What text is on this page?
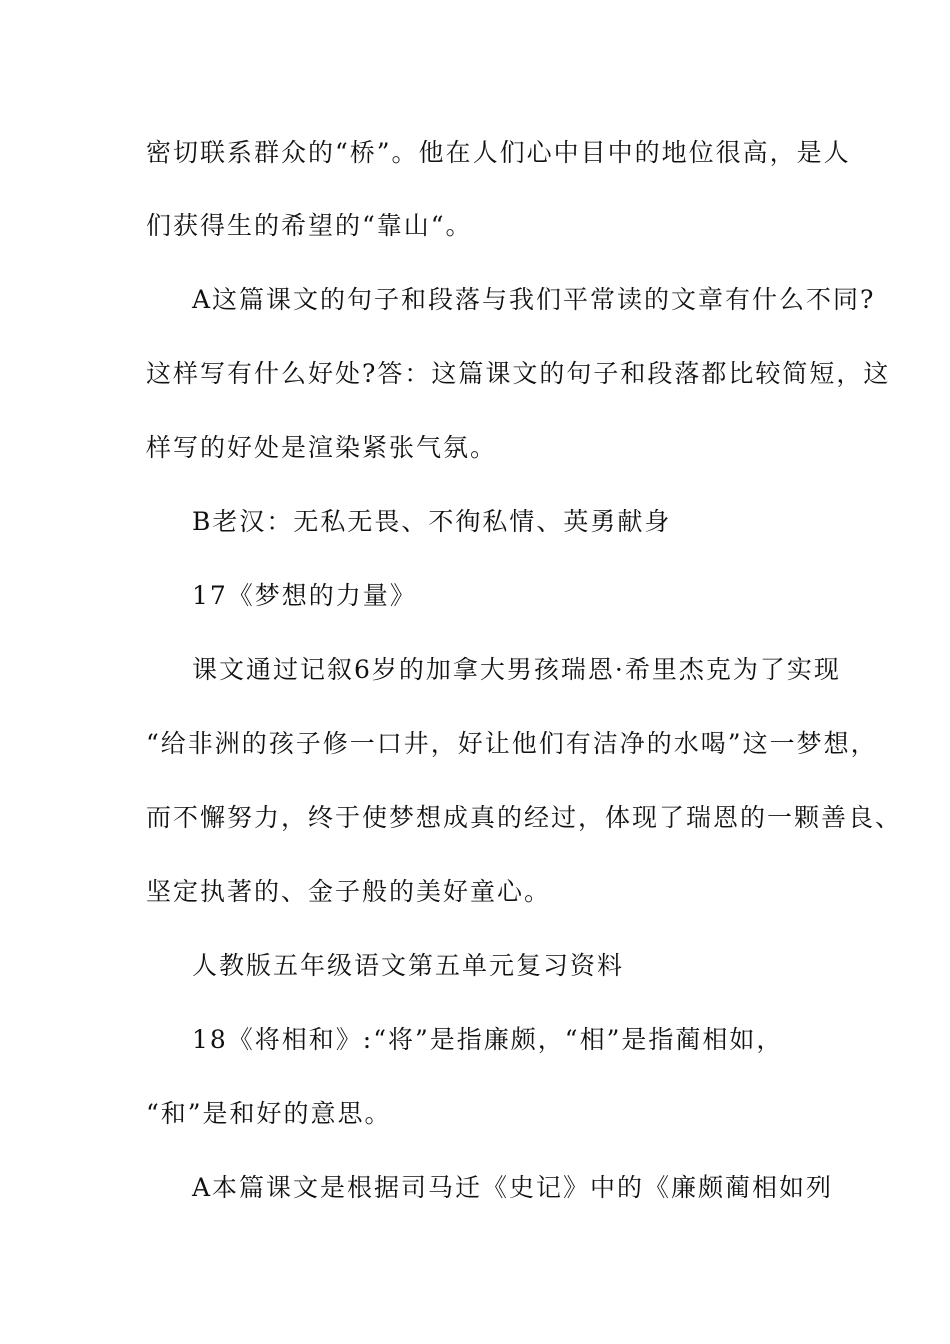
密切联系群众的“桥”。他在人们心中目中的地位很高，是人

们获得生的希望的“靠山“。

A这篇课文的句子和段落与我们平常读的文章有什么不同?

这样写有什么好处?答：这篇课文的句子和段落都比较简短，这

样写的好处是渲染紧张气氛。

B老汉：无私无畏、不徇私情、英勇献身

17《梦想的力量》

课文通过记叙6岁的加拿大男孩瑞恩·希里杰克为了实现

“给非洲的孩子修一口井，好让他们有洁净的水喝”这一梦想，

而不懈努力，终于使梦想成真的经过，体现了瑞恩的一颗善良、

坚定执著的、金子般的美好童心。

人教版五年级语文第五单元复习资料

18《将相和》:“将”是指廉颇，“相”是指蔺相如，

“和”是和好的意思。

A本篇课文是根据司马迁《史记》中的《廉颇蔺相如列
